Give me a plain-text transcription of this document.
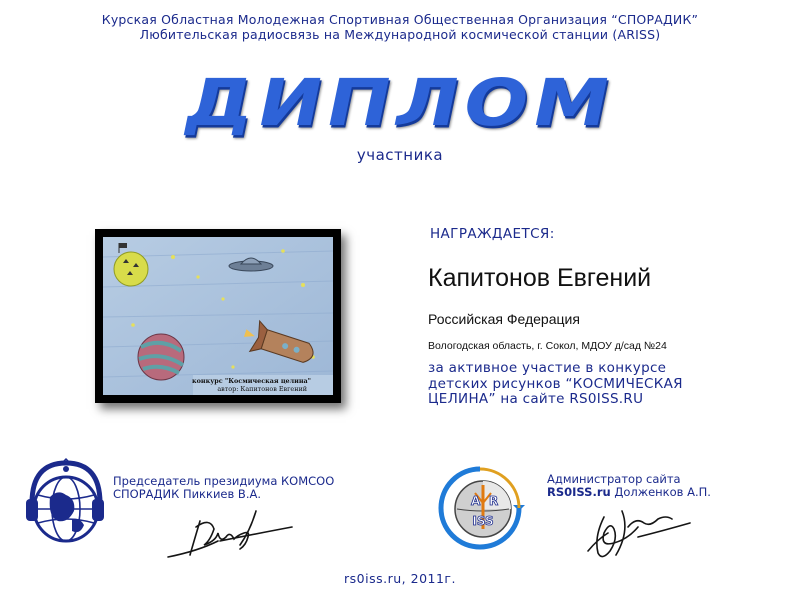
Курская Областная Молодежная Спортивная Общественная Организация “СПОРАДИК”
Любительская радиосвязь на Международной космической станции (ARISS)
ДИПЛОМ
участника
конкурс "Космическая целина"
автор: Капитонов Евгений
НАГРАЖДАЕТСЯ:
Капитонов Евгений
Российская Федерация
Вологодская область, г. Сокол, МДОУ д/сад №24
за активное участие в конкурсе
детских рисунков “КОСМИЧЕСКАЯ
ЦЕЛИНА” на сайте RS0ISS.RU
Председатель президиума КОМСОО
СПОРАДИК Пиккиев В.А.	A R
ISS
Администратор сайта
RS0ISS.ru Долженков А.П.
rs0iss.ru, 2011г.
